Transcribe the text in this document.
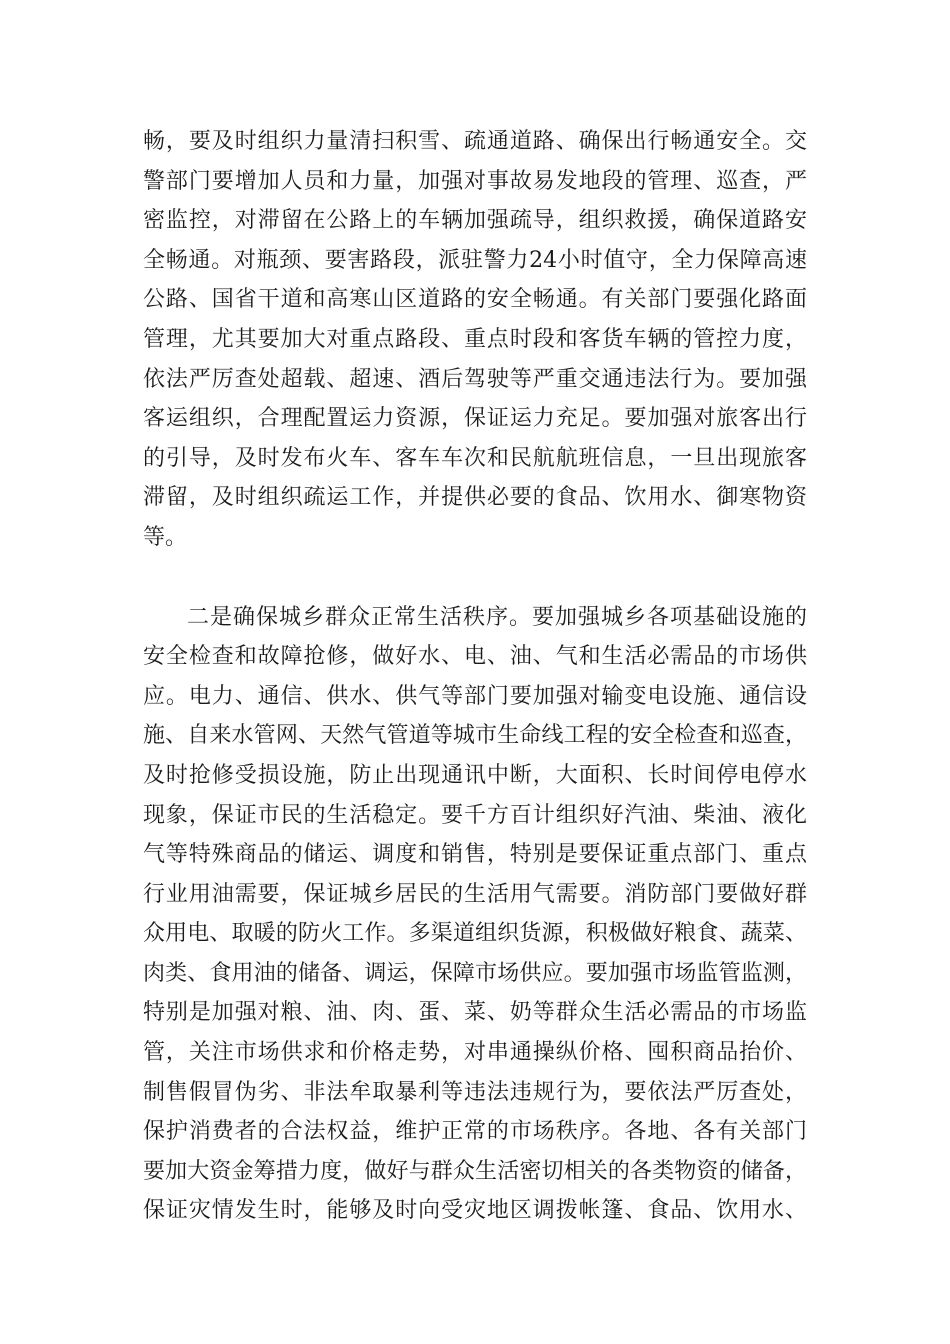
畅，要及时组织力量清扫积雪、疏通道路、确保出行畅通安全。交
警部门要增加人员和力量，加强对事故易发地段的管理、巡查，严
密监控，对滞留在公路上的车辆加强疏导，组织救援，确保道路安
全畅通。对瓶颈、要害路段，派驻警力24小时值守，全力保障高速
公路、国省干道和高寒山区道路的安全畅通。有关部门要强化路面
管理，尤其要加大对重点路段、重点时段和客货车辆的管控力度，
依法严厉查处超载、超速、酒后驾驶等严重交通违法行为。要加强
客运组织，合理配置运力资源，保证运力充足。要加强对旅客出行
的引导，及时发布火车、客车车次和民航航班信息，一旦出现旅客
滞留，及时组织疏运工作，并提供必要的食品、饮用水、御寒物资
等。
二是确保城乡群众正常生活秩序。要加强城乡各项基础设施的
安全检查和故障抢修，做好水、电、油、气和生活必需品的市场供
应。电力、通信、供水、供气等部门要加强对输变电设施、通信设
施、自来水管网、天然气管道等城市生命线工程的安全检查和巡查，
及时抢修受损设施，防止出现通讯中断，大面积、长时间停电停水
现象，保证市民的生活稳定。要千方百计组织好汽油、柴油、液化
气等特殊商品的储运、调度和销售，特别是要保证重点部门、重点
行业用油需要，保证城乡居民的生活用气需要。消防部门要做好群
众用电、取暖的防火工作。多渠道组织货源，积极做好粮食、蔬菜、
肉类、食用油的储备、调运，保障市场供应。要加强市场监管监测，
特别是加强对粮、油、肉、蛋、菜、奶等群众生活必需品的市场监
管，关注市场供求和价格走势，对串通操纵价格、囤积商品抬价、
制售假冒伪劣、非法牟取暴利等违法违规行为，要依法严厉查处，
保护消费者的合法权益，维护正常的市场秩序。各地、各有关部门
要加大资金筹措力度，做好与群众生活密切相关的各类物资的储备，
保证灾情发生时，能够及时向受灾地区调拨帐篷、食品、饮用水、
